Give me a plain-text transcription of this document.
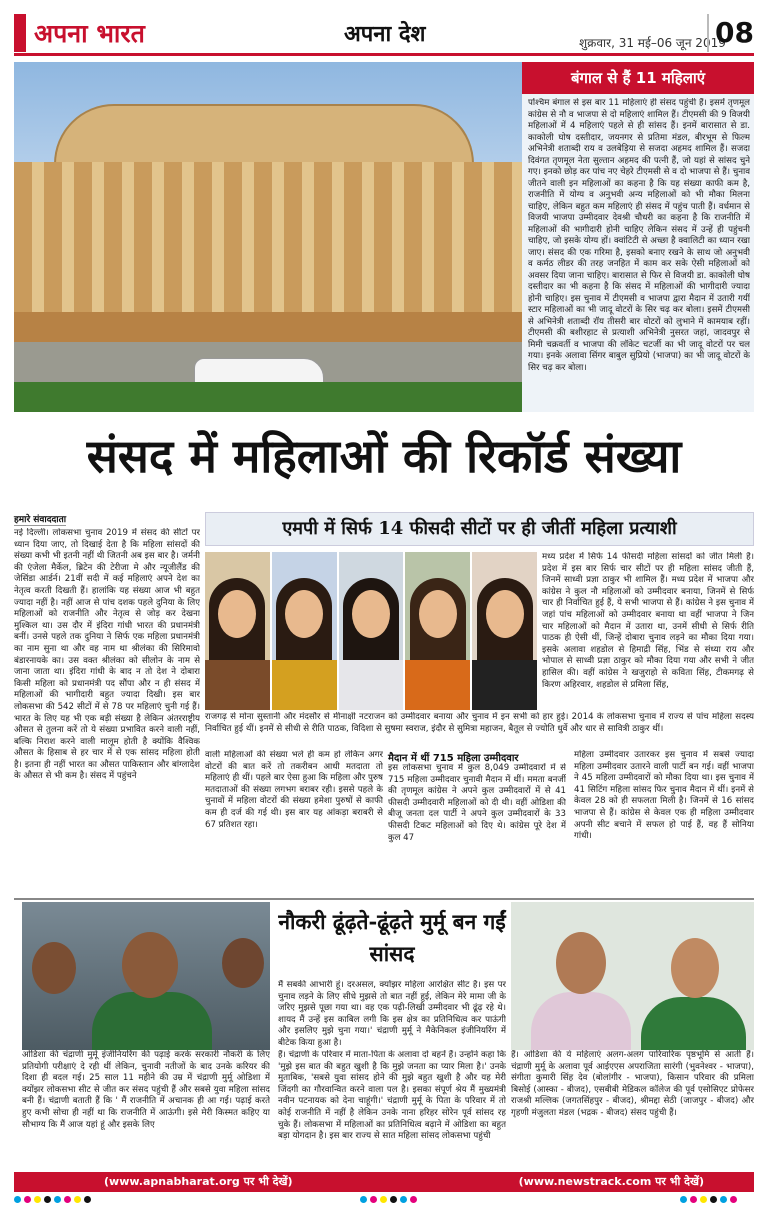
अपना भारत	अपना देश	शुक्रवार, 31 मई–06 जून 2019
08
बंगाल से हैं 11 महिलाएं
पश्चिम बंगाल से इस बार 11 महिलाएं ही संसद पहुंची हैं। इसमें तृणमूल कांग्रेस से नौ व भाजपा से दो महिलाएं शामिल हैं। टीएमसी की 9 विजयी महिलाओं में 4 महिलाएं पहले से ही सांसद हैं। इनमें बारासात से डा. काकोली घोष दस्तीदार, जयनगर से प्रतिमा मंडल, बीरभूम से फिल्म अभिनेत्री शताब्दी राय व उलबेड़िया से सजदा अहमद शामिल हैं। सजदा दिवंगत तृणमूल नेता सुल्तान अहमद की पत्नी हैं, जो यहां से सांसद चुने गए। इनको छोड़ कर पांच नए चेहरे टीएमसी से व दो भाजपा से हैं। चुनाव जीतने वाली इन महिलाओं का कहना है कि यह संख्या काफी कम है, राजनीति में योग्य व अनुभवी अन्य महिलाओं को भी मौका मिलना चाहिए, लेकिन बहुत कम महिलाएं ही संसद में पहुंच पाती हैं। वर्धमान से विजयी भाजपा उम्मीदवार देवश्री चौधरी का कहना है कि राजनीति में महिलाओं की भागीदारी होनी चाहिए लेकिन संसद में उन्हें ही पहुंचनी चाहिए, जो इसके योग्य हों। क्वांटिटी से अच्छा है क्वालिटी का ध्यान रखा जाए। संसद की एक गरिमा है, इसको बनाए रखने के साथ जो अनुभवी व कर्मठ लीडर की तरह जनहित में काम कर सके ऐसी महिलाओं को अवसर दिया जाना चाहिए। बारासात से फिर से विजयी डा. काकोली घोष दस्तीदार का भी कहना है कि संसद में महिलाओं की भागीदारी ज्यादा होनी चाहिए। इस चुनाव में टीएमसी व भाजपा द्वारा मैदान में उतारी गयीं स्टार महिलाओं का भी जादू वोटरों के सिर चढ़ कर बोला। इसमें टीएमसी से अभिनेत्री शताब्दी रॉय तीसरी बार वोटरों को लुभाने में कामयाब रहीं। टीएमसी की बशीरहाट से प्रत्याशी अभिनेत्री नुसरत जहां, जादवपुर से मिमी चक्रवर्ती व भाजपा की लॉकेट चटर्जी का भी जादू वोटरों पर चल गया। इनके अलावा सिंगर बाबुल सुप्रियो (भाजपा) का भी जादू वोटरों के सिर चढ़ कर बोला।
संसद में महिलाओं की रिकॉर्ड संख्या
हमारे संवाददाता
नई दिल्ली। लोकसभा चुनाव 2019 में संसद की सीटों पर ध्यान दिया जाए, तो दिखाई देता है कि महिला सांसदों की संख्या कभी भी इतनी नहीं थी जितनी अब इस बार है। जर्मनी की एंजेला मैर्केल, ब्रिटेन की टेरीजा मे और न्यूजीलैंड की जेसिंडा आर्डर्न। 21वीं सदी में कई महिलाएं अपने देश का नेतृत्व करती दिखती हैं। हालांकि यह संख्या आज भी बहुत ज्यादा नहीं है। नहीं आज से पांच दशक पहले दुनिया के लिए महिलाओं को राजनीति और नेतृत्व से जोड़ कर देखना मुश्किल था। उस दौर में इंदिरा गांधी भारत की प्रधानमंत्री बनीं। उनसे पहले तक दुनिया ने सिर्फ एक महिला प्रधानमंत्री का नाम सुना था और वह नाम था श्रीलंका की सिरिमावो बंडारनायके का। उस वक्त श्रीलंका को सीलोन के नाम से जाना जाता था। इंदिरा गांधी के बाद न तो देश ने दोबारा किसी महिला को प्रधानमंत्री पद सौंपा और न ही संसद में महिलाओं की भागीदारी बहुत ज्यादा दिखी। इस बार लोकसभा की 542 सीटों में से 78 पर महिलाएं चुनी गई हैं। भारत के लिए यह भी एक बड़ी संख्या है लेकिन अंतरराष्ट्रीय औसत से तुलना करें तो ये संख्या प्रभावित करने वाली नहीं, बल्कि निराश करने वाली मालूम होती है क्योंकि वैश्विक औसत के हिसाब से हर चार में से एक सांसद महिला होती है। इतना ही नहीं भारत का औसत पाकिस्तान और बांग्लादेश के औसत से भी कम है। संसद में पहुंचने
एमपी में सिर्फ 14 फीसदी सीटों पर ही जीतीं महिला प्रत्याशी
मध्य प्रदेश में सिर्फ 14 फीसदी महिला सांसदों को जीत मिली है। प्रदेश में इस बार सिर्फ चार सीटों पर ही महिला सांसद जीती हैं, जिनमें साध्वी प्रज्ञा ठाकुर भी शामिल हैं। मध्य प्रदेश में भाजपा और कांग्रेस ने कुल नौ महिलाओं को उम्मीदवार बनाया, जिनमें से सिर्फ चार ही निर्वाचित हुई हैं, ये सभी भाजपा से हैं। कांग्रेस ने इस चुनाव में जहां पांच महिलाओं को उम्मीदवार बनाया था वहीं भाजपा ने जिन चार महिलाओं को मैदान में उतारा था, उनमें सीधी से सिर्फ रीति पाठक ही ऐसी थीं, जिन्हें दोबारा चुनाव लड़ने का मौका दिया गया। इसके अलावा शहडोल से हिमाद्री सिंह, भिंड से संध्या राय और भोपाल से साध्वी प्रज्ञा ठाकुर को मौका दिया गया और सभी ने जीत हासिल की। वहीं कांग्रेस ने खजुराहो से कविता सिंह, टीकमगढ़ से किरण अहिरवार, शहडोल से प्रमिला सिंह,
राजगढ़ से मोना सुस्तानी और मंदसौर से मीनाक्षी नटराजन को उम्मीदवार बनाया और चुनाव में इन सभी को हार हुई। 2014 के लोकसभा चुनाव में राज्य से पांच महिला सदस्य निर्वाचित हुई थीं। इनमें से सीधी से रीति पाठक, विदिशा से सुषमा स्वराज, इंदौर से सुमित्रा महाजन, बैतूल से ज्योति धुर्वे और धार से सावित्री ठाकुर थीं।
वाली महिलाओं की संख्या भले ही कम हो लेकिन अगर वोटरों की बात करें तो तकरीबन आधी मतदाता तो महिलाएं ही थीं। पहले बार ऐसा हुआ कि महिला और पुरुष मतदाताओं की संख्या लगभग बराबर रही। इससे पहले के चुनावों में महिला वोटरों की संख्या हमेशा पुरुषों से काफी कम ही दर्ज की गई थी। इस बार यह आंकड़ा बराबरी से 67 प्रतिशत रहा।
मैदान में थीं 715 महिला उम्मीदवार
इस लोकसभा चुनाव में कुल 8,049 उम्मीदवारों में से 715 महिला उम्मीदवार चुनावी मैदान में थीं। ममता बनर्जी की तृणमूल कांग्रेस ने अपने कुल उम्मीदवारों में से 41 फीसदी उम्मीदवारी महिलाओं को दी थी। वहीं ओडिशा की बीजू जनता दल पार्टी ने अपने कुल उम्मीदवारों के 33 फीसदी टिकट महिलाओं को दिए थे। कांग्रेस पूरे देश में कुल 47
महिला उम्मीदवार उतारकर इस चुनाव में सबसे ज्यादा महिला उम्मीदवार उतारने वाली पार्टी बन गई। वहीं भाजपा ने 45 महिला उम्मीदवारों को मौका दिया था। इस चुनाव में 41 सिटिंग महिला सांसद फिर चुनाव मैदान में थीं। इनमें से केवल 28 को ही सफलता मिली है। जिनमें से 16 सांसद भाजपा से हैं। कांग्रेस से केवल एक ही महिला उम्मीदवार अपनी सीट बचाने में सफल हो पाई हैं, वह हैं सोनिया गांधी।
नौकरी ढूंढ़ते-ढूंढ़ते मुर्मू बन गईं सांसद
मैं सबकी आभारी हूं। दरअसल, क्योंझर महिला आरक्षित सीट है। इस पर चुनाव लड़ने के लिए सीधे मुझसे तो बात नहीं हुई, लेकिन मेरे मामा जी के जरिए मुझसे पूछा गया था। वह एक पढ़ी-लिखी उम्मीदवार भी ढूंढ़ रहे थे। शायद मैं उन्हें इस काबिल लगी कि इस क्षेत्र का प्रतिनिधित्व कर पाऊंगी और इसलिए मुझे चुना गया।' चंद्राणी मुर्मू ने मैकेनिकल इंजीनियरिंग में बीटेक किया हुआ है।
ओडिशा की चंद्राणी मुर्मू इंजीनियरिंग की पढ़ाई करके सरकारी नौकरी के लिए प्रतियोगी परीक्षाएं दे रही थीं लेकिन, चुनावी नतीजों के बाद उनके करियर की दिशा ही बदल गई। 25 साल 11 महीने की उम्र में चंद्राणी मुर्मू ओडिशा में क्योंझर लोकसभा सीट से जीत कर संसद पहुंची हैं और सबसे युवा महिला सांसद बनी हैं। चंद्राणी बताती हैं कि ' मैं राजनीति में अचानक ही आ गई। पढ़ाई करते हुए कभी सोचा ही नहीं था कि राजनीति में आऊंगी। इसे मेरी किस्मत कहिए या सौभाग्य कि मैं आज यहां हूं और इसके लिए
हैं। चंद्राणी के परिवार में माता-पिता के अलावा दो बहनें हैं। उन्होंने कहा कि 'मुझे इस बात की बहुत खुशी है कि मुझे जनता का प्यार मिला है।' उनके मुताबिक, 'सबसे युवा सांसद होने की मुझे बहुत खुशी है और यह मेरी जिंदगी का गौरवान्वित करने वाला पल है। इसका संपूर्ण श्रेय मैं मुख्यमंत्री नवीन पटनायक को देना चाहूंगी।' चंद्राणी मुर्मू के पिता के परिवार में तो कोई राजनीति में नहीं है लेकिन उनके नाना हरिहर सोरेन पूर्व सांसद रह चुके हैं। लोकसभा में महिलाओं का प्रतिनिधित्व बढ़ाने में ओडिशा का बहुत बड़ा योगदान है। इस बार राज्य से सात महिला सांसद लोकसभा पहुंची
हैं। ओडिशा की ये महिलाएं अलग-अलग पारिवारिक पृष्ठभूमि से आती हैं। चंद्राणी मुर्मू के अलावा पूर्व आईएएस अपराजिता सारंगी (भुवनेश्वर - भाजपा), संगीता कुमारी सिंह देव (बोलांगीर - भाजपा), किसान परिवार की प्रमिला बिसोई (आस्का - बीजद), एसबीबी मेडिकल कॉलेज की पूर्व एसोसिएट प्रोफेसर राजश्री मल्लिक (जगतसिंहपुर - बीजद), श्रीमद्दा सेठी (जाजपुर - बीजद) और गृहणी मंजुलता मंडल (भद्रक - बीजद) संसद पहुंची हैं।
(www.apnabharat.org पर भी देखें)	(www.newstrack.com पर भी देखें)
